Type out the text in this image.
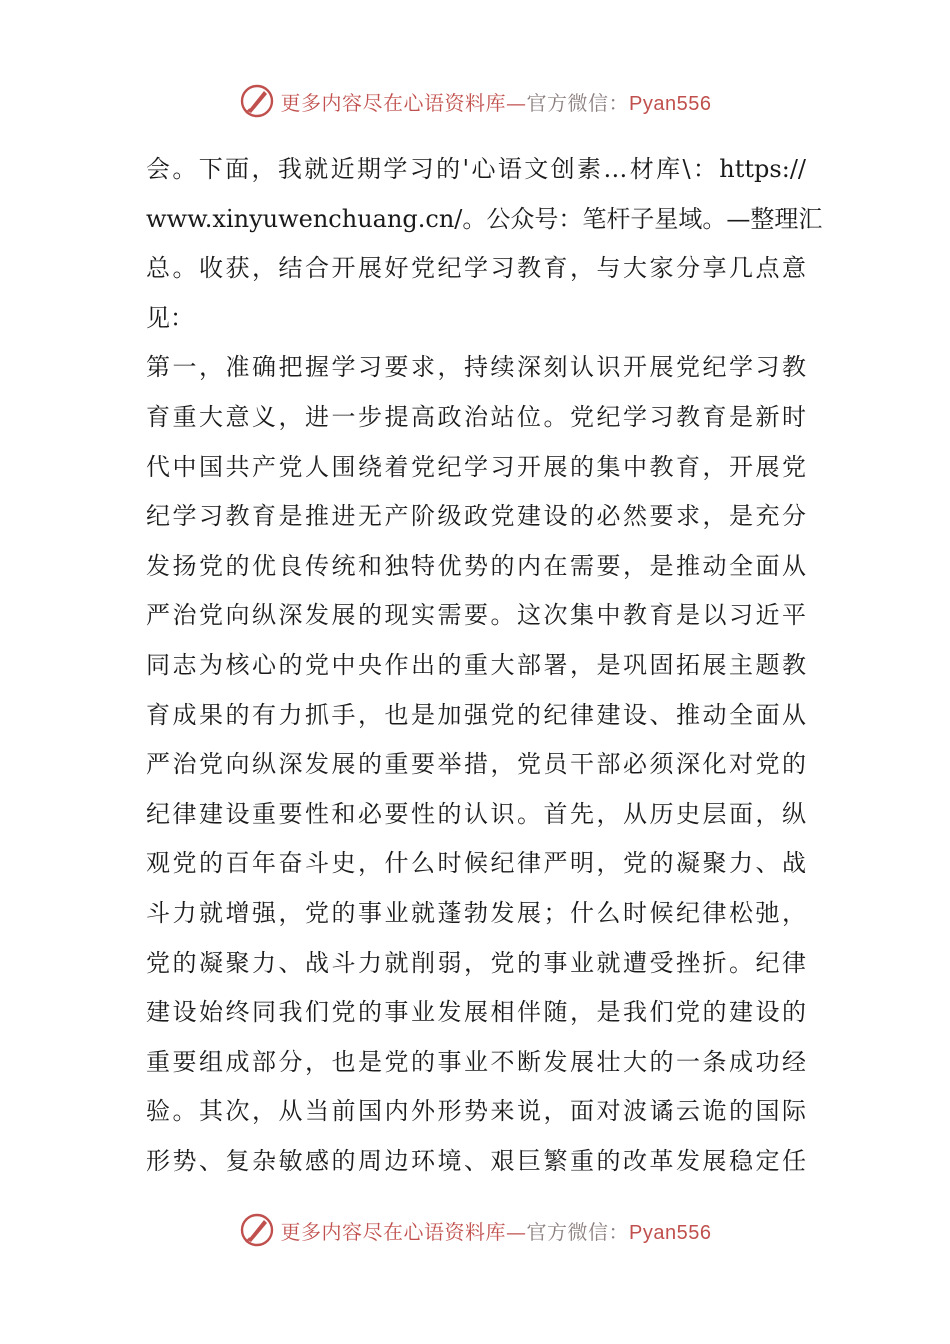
更多内容尽在心语资料库—官方微信：Pyan556
会。下面，我就近期学习的'心语文创素…材库\：https://
www.xinyuwenchuang.cn/。公众号：笔杆子星域。—整理汇
总。收获，结合开展好党纪学习教育，与大家分享几点意
见：
第一，准确把握学习要求，持续深刻认识开展党纪学习教
育重大意义，进一步提高政治站位。党纪学习教育是新时
代中国共产党人围绕着党纪学习开展的集中教育，开展党
纪学习教育是推进无产阶级政党建设的必然要求，是充分
发扬党的优良传统和独特优势的内在需要，是推动全面从
严治党向纵深发展的现实需要。这次集中教育是以习近平
同志为核心的党中央作出的重大部署，是巩固拓展主题教
育成果的有力抓手，也是加强党的纪律建设、推动全面从
严治党向纵深发展的重要举措，党员干部必须深化对党的
纪律建设重要性和必要性的认识。首先，从历史层面，纵
观党的百年奋斗史，什么时候纪律严明，党的凝聚力、战
斗力就增强，党的事业就蓬勃发展；什么时候纪律松弛，
党的凝聚力、战斗力就削弱，党的事业就遭受挫折。纪律
建设始终同我们党的事业发展相伴随，是我们党的建设的
重要组成部分，也是党的事业不断发展壮大的一条成功经
验。其次，从当前国内外形势来说，面对波谲云诡的国际
形势、复杂敏感的周边环境、艰巨繁重的改革发展稳定任
更多内容尽在心语资料库—官方微信：Pyan556
